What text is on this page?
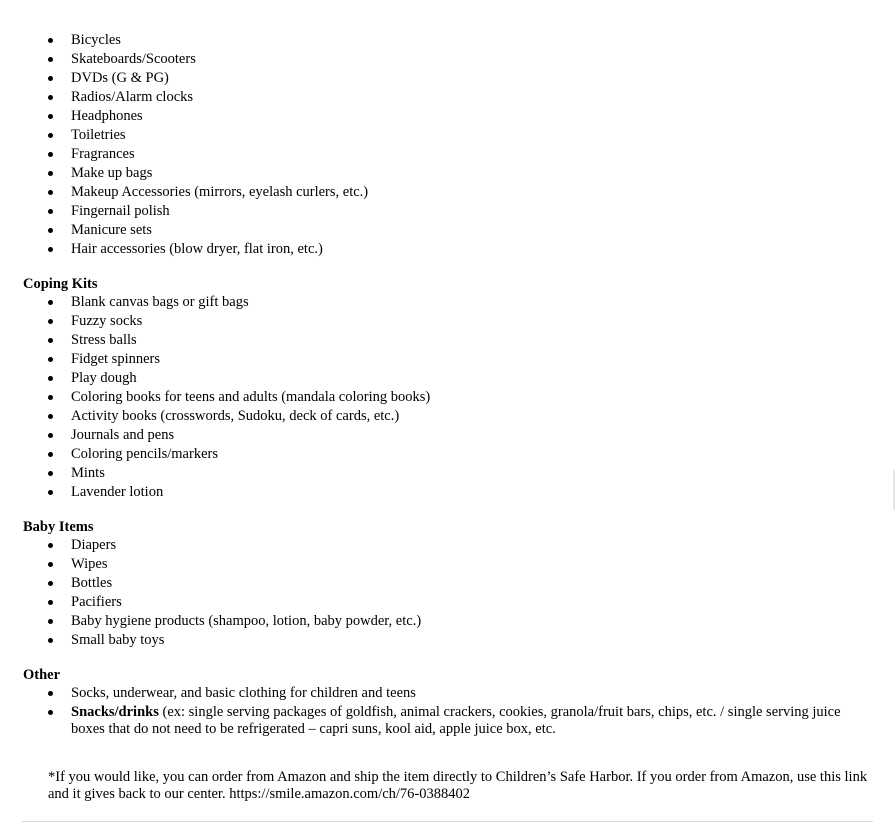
Bicycles
Skateboards/Scooters
DVDs (G & PG)
Radios/Alarm clocks
Headphones
Toiletries
Fragrances
Make up bags
Makeup Accessories (mirrors, eyelash curlers, etc.)
Fingernail polish
Manicure sets
Hair accessories (blow dryer, flat iron, etc.)
Coping Kits
Blank canvas bags or gift bags
Fuzzy socks
Stress balls
Fidget spinners
Play dough
Coloring books for teens and adults (mandala coloring books)
Activity books (crosswords, Sudoku, deck of cards, etc.)
Journals and pens
Coloring pencils/markers
Mints
Lavender lotion
Baby Items
Diapers
Wipes
Bottles
Pacifiers
Baby hygiene products (shampoo, lotion, baby powder, etc.)
Small baby toys
Other
Socks, underwear, and basic clothing for children and teens
Snacks/drinks (ex: single serving packages of goldfish, animal crackers, cookies, granola/fruit bars, chips, etc. / single serving juice boxes that do not need to be refrigerated – capri suns, kool aid, apple juice box, etc.
*If you would like, you can order from Amazon and ship the item directly to Children’s Safe Harbor. If you order from Amazon, use this link and it gives back to our center. https://smile.amazon.com/ch/76-0388402
